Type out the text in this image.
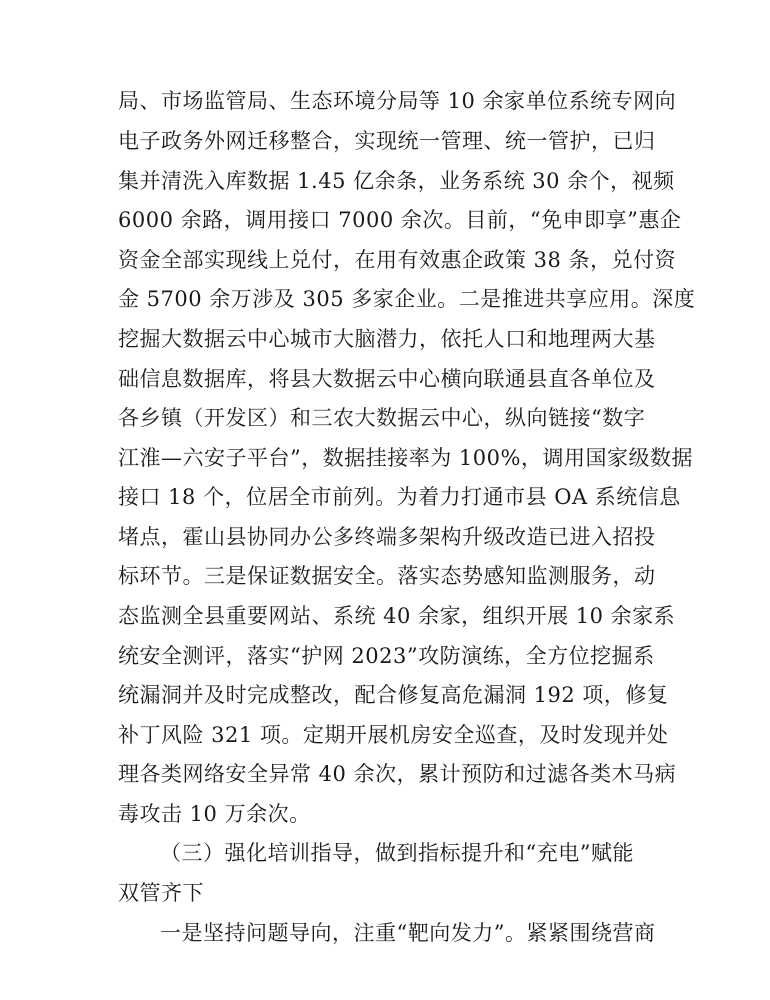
局、市场监管局、生态环境分局等 10 余家单位系统专网向

电子政务外网迁移整合，实现统一管理、统一管护，已归

集并清洗入库数据 1.45 亿余条，业务系统 30 余个，视频

6000 余路，调用接口 7000 余次。目前，“免申即享”惠企

资金全部实现线上兑付，在用有效惠企政策 38 条，兑付资

金 5700 余万涉及 305 多家企业。二是推进共享应用。深度

挖掘大数据云中心城市大脑潜力，依托人口和地理两大基

础信息数据库，将县大数据云中心横向联通县直各单位及

各乡镇（开发区）和三农大数据云中心，纵向链接“数字

江淮—六安子平台”，数据挂接率为 100%，调用国家级数据

接口 18 个，位居全市前列。为着力打通市县 OA 系统信息

堵点，霍山县协同办公多终端多架构升级改造已进入招投

标环节。三是保证数据安全。落实态势感知监测服务，动

态监测全县重要网站、系统 40 余家，组织开展 10 余家系

统安全测评，落实“护网 2023”攻防演练，全方位挖掘系

统漏洞并及时完成整改，配合修复高危漏洞 192 项，修复

补丁风险 321 项。定期开展机房安全巡查，及时发现并处

理各类网络安全异常 40 余次，累计预防和过滤各类木马病

毒攻击 10 万余次。

（三）强化培训指导，做到指标提升和“充电”赋能

双管齐下

一是坚持问题导向，注重“靶向发力”。紧紧围绕营商
